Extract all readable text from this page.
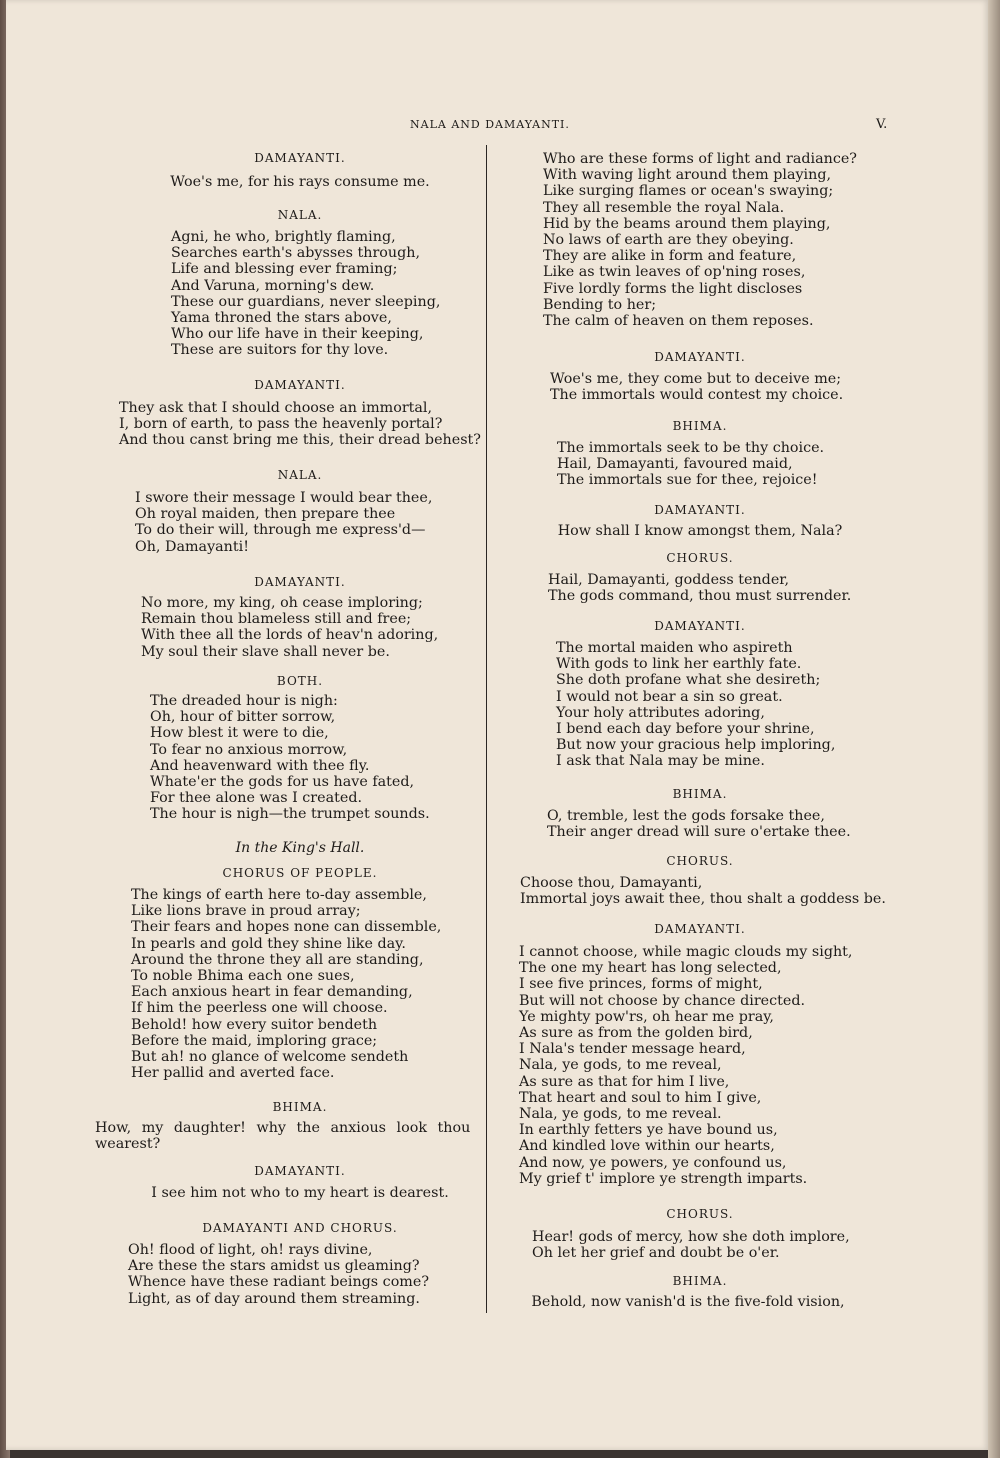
NALA AND DAMAYANTI.	V.
DAMAYANTI.
Woe's me, for his rays consume me.
NALA.
Agni, he who, brightly flaming,
Searches earth's abysses through,
Life and blessing ever framing;
And Varuna, morning's dew.
These our guardians, never sleeping,
Yama throned the stars above,
Who our life have in their keeping,
These are suitors for thy love.
DAMAYANTI.
They ask that I should choose an immortal,
I, born of earth, to pass the heavenly portal?
And thou canst bring me this, their dread behest?
NALA.
I swore their message I would bear thee,
Oh royal maiden, then prepare thee
To do their will, through me express'd—
Oh, Damayanti!
DAMAYANTI.
No more, my king, oh cease imploring;
Remain thou blameless still and free;
With thee all the lords of heav'n adoring,
My soul their slave shall never be.
BOTH.
The dreaded hour is nigh:
Oh, hour of bitter sorrow,
How blest it were to die,
To fear no anxious morrow,
And heavenward with thee fly.
Whate'er the gods for us have fated,
For thee alone was I created.
The hour is nigh—the trumpet sounds.
In the King's Hall.
CHORUS OF PEOPLE.
The kings of earth here to-day assemble,
Like lions brave in proud array;
Their fears and hopes none can dissemble,
In pearls and gold they shine like day.
Around the throne they all are standing,
To noble Bhima each one sues,
Each anxious heart in fear demanding,
If him the peerless one will choose.
Behold! how every suitor bendeth
Before the maid, imploring grace;
But ah! no glance of welcome sendeth
Her pallid and averted face.
BHIMA.
How, my daughter! why the anxious look thou
wearest?
DAMAYANTI.
I see him not who to my heart is dearest.
DAMAYANTI AND CHORUS.
Oh! flood of light, oh! rays divine,
Are these the stars amidst us gleaming?
Whence have these radiant beings come?
Light, as of day around them streaming.
Who are these forms of light and radiance?
With waving light around them playing,
Like surging flames or ocean's swaying;
They all resemble the royal Nala.
Hid by the beams around them playing,
No laws of earth are they obeying.
They are alike in form and feature,
Like as twin leaves of op'ning roses,
Five lordly forms the light discloses
Bending to her;
The calm of heaven on them reposes.
DAMAYANTI.
Woe's me, they come but to deceive me;
The immortals would contest my choice.
BHIMA.
The immortals seek to be thy choice.
Hail, Damayanti, favoured maid,
The immortals sue for thee, rejoice!
DAMAYANTI.
How shall I know amongst them, Nala?
CHORUS.
Hail, Damayanti, goddess tender,
The gods command, thou must surrender.
DAMAYANTI.
The mortal maiden who aspireth
With gods to link her earthly fate.
She doth profane what she desireth;
I would not bear a sin so great.
Your holy attributes adoring,
I bend each day before your shrine,
But now your gracious help imploring,
I ask that Nala may be mine.
BHIMA.
O, tremble, lest the gods forsake thee,
Their anger dread will sure o'ertake thee.
CHORUS.
Choose thou, Damayanti,
Immortal joys await thee, thou shalt a goddess be.
DAMAYANTI.
I cannot choose, while magic clouds my sight,
The one my heart has long selected,
I see five princes, forms of might,
But will not choose by chance directed.
Ye mighty pow'rs, oh hear me pray,
As sure as from the golden bird,
I Nala's tender message heard,
Nala, ye gods, to me reveal,
As sure as that for him I live,
That heart and soul to him I give,
Nala, ye gods, to me reveal.
In earthly fetters ye have bound us,
And kindled love within our hearts,
And now, ye powers, ye confound us,
My grief t' implore ye strength imparts.
CHORUS.
Hear! gods of mercy, how she doth implore,
Oh let her grief and doubt be o'er.
BHIMA.
Behold, now vanish'd is the five-fold vision,
